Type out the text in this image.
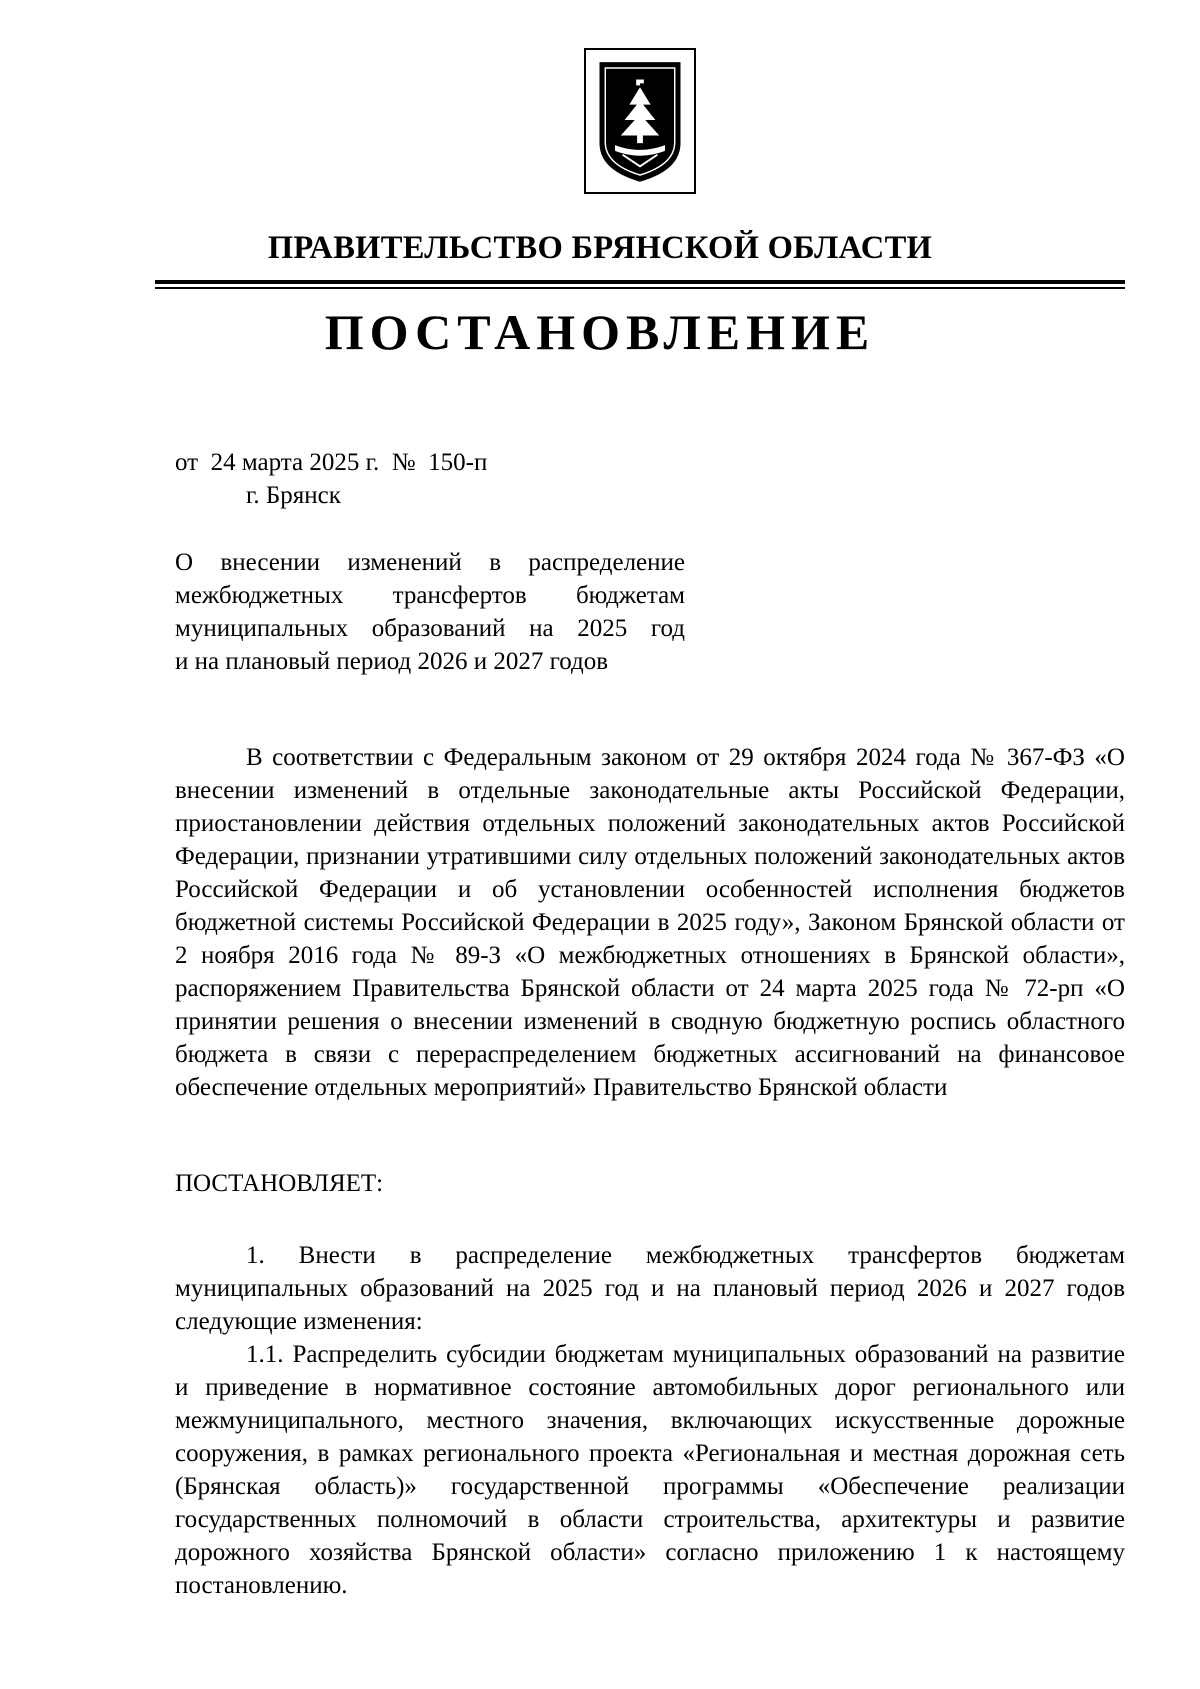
ПРАВИТЕЛЬСТВО БРЯНСКОЙ ОБЛАСТИ
ПОСТАНОВЛЕНИЕ
от  24 марта 2025 г.  №  150-п
г. Брянск
О внесении изменений в распределение
межбюджетных трансфертов бюджетам
муниципальных образований на 2025 год
и на плановый период 2026 и 2027 годов
В соответствии с Федеральным законом от 29 октября 2024 года № 367-ФЗ «О внесении изменений в отдельные законодательные акты Российской Федерации, приостановлении действия отдельных положений законодательных актов Российской Федерации, признании утратившими силу отдельных положений законодательных актов Российской Федерации и об установлении особенностей исполнения бюджетов бюджетной системы Российской Федерации в 2025 году», Законом Брянской области от 2 ноября 2016 года № 89-З «О межбюджетных отношениях в Брянской области», распоряжением Правительства Брянской области от 24 марта 2025 года № 72-рп «О принятии решения о внесении изменений в сводную бюджетную роспись областного бюджета в связи с перераспределением бюджетных ассигнований на финансовое обеспечение отдельных мероприятий» Правительство Брянской области
ПОСТАНОВЛЯЕТ:
1. Внести в распределение межбюджетных трансфертов бюджетам муниципальных образований на 2025 год и на плановый период 2026 и 2027 годов следующие изменения:
1.1. Распределить субсидии бюджетам муниципальных образований на развитие и приведение в нормативное состояние автомобильных дорог регионального или межмуниципального, местного значения, включающих искусственные дорожные сооружения, в рамках регионального проекта «Региональная и местная дорожная сеть (Брянская область)» государственной программы «Обеспечение реализации государственных полномочий в области строительства, архитектуры и развитие дорожного хозяйства Брянской области» согласно приложению 1 к настоящему постановлению.
